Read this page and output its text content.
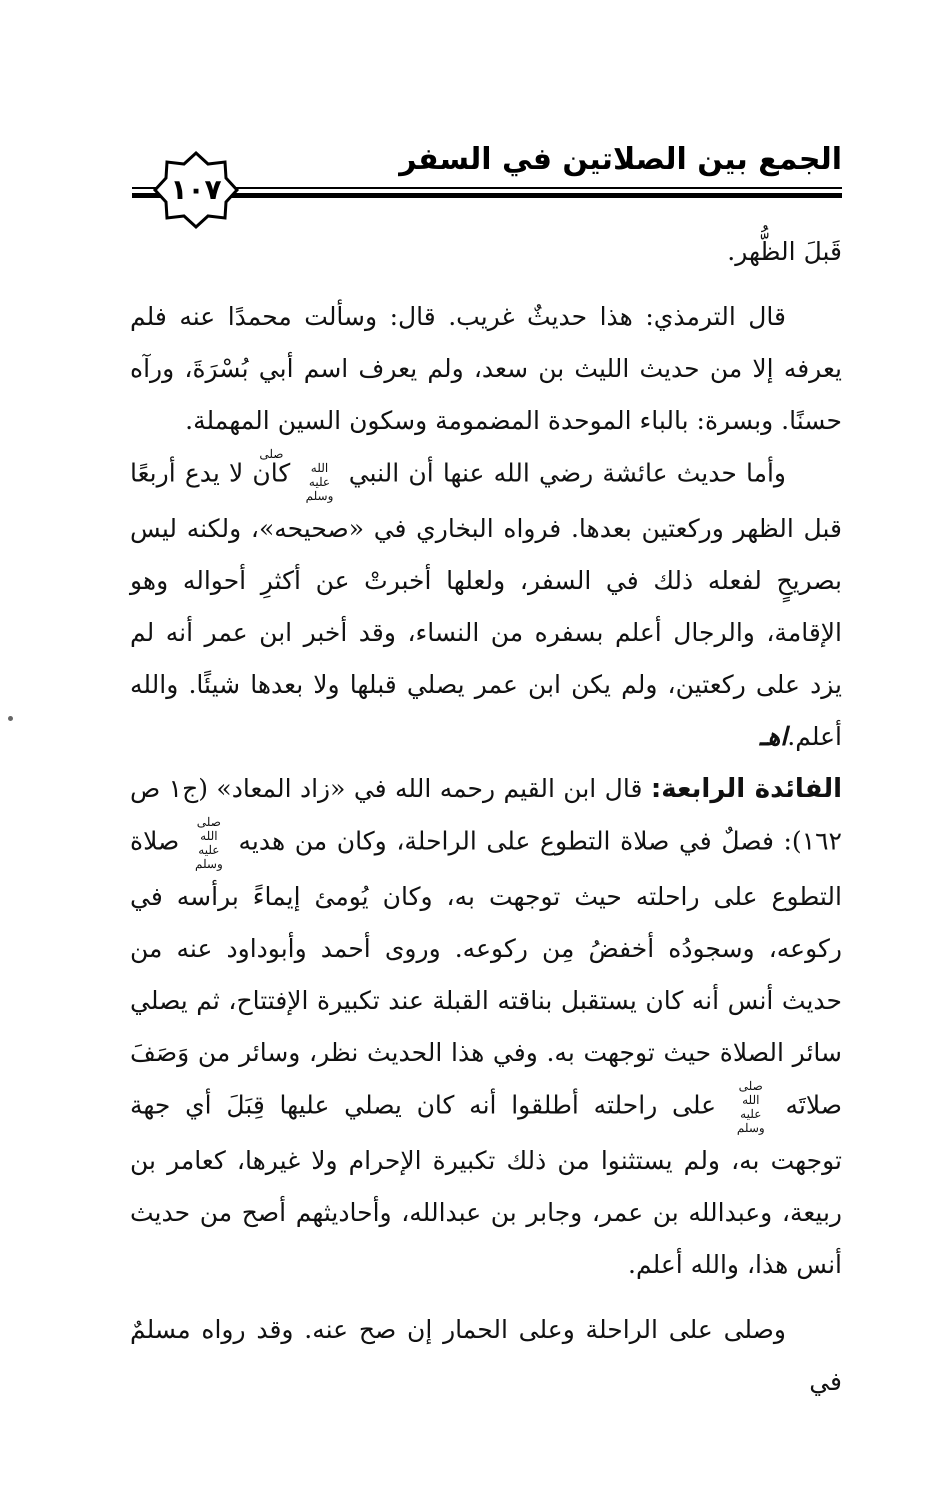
الجمع بين الصلاتين في السفر
١٠٧

قَبلَ الظُّهر.

قال الترمذي: هذا حديثٌ غريب. قال: وسألت محمدًا عنه فلم يعرفه إلا من حديث الليث بن سعد، ولم يعرف اسم أبي بُسْرَةَ، ورآه حسنًا. وبسرة: بالباء الموحدة المضمومة وسكون السين المهملة.

وأما حديث عائشة رضي الله عنها أن النبي صلى الله عليه وسلم كان لا يدع أربعًا قبل الظهر وركعتين بعدها. فرواه البخاري في «صحيحه»، ولكنه ليس بصريحٍ لفعله ذلك في السفر، ولعلها أخبرتْ عن أكثرِ أحواله وهو الإقامة، والرجال أعلم بسفره من النساء، وقد أخبر ابن عمر أنه لم يزد على ركعتين، ولم يكن ابن عمر يصلي قبلها ولا بعدها شيئًا. والله أعلم.اهـ

الفائدة الرابعة: قال ابن القيم رحمه الله في «زاد المعاد» (ج١ ص ١٦٢): فصلٌ في صلاة التطوع على الراحلة، وكان من هديه صلى الله عليه وسلم صلاة التطوع على راحلته حيث توجهت به، وكان يُومئ إيماءً برأسه في ركوعه، وسجودُه أخفضُ مِن ركوعه. وروى أحمد وأبوداود عنه من حديث أنس أنه كان يستقبل بناقته القبلة عند تكبيرة الإفتتاح، ثم يصلي سائر الصلاة حيث توجهت به. وفي هذا الحديث نظر، وسائر من وَصَفَ صلاتَه صلى الله عليه وسلم على راحلته أطلقوا أنه كان يصلي عليها قِبَلَ أي جهة توجهت به، ولم يستثنوا من ذلك تكبيرة الإحرام ولا غيرها، كعامر بن ربيعة، وعبدالله بن عمر، وجابر بن عبدالله، وأحاديثهم أصح من حديث أنس هذا، والله أعلم.

وصلى على الراحلة وعلى الحمار إن صح عنه. وقد رواه مسلمٌ في
